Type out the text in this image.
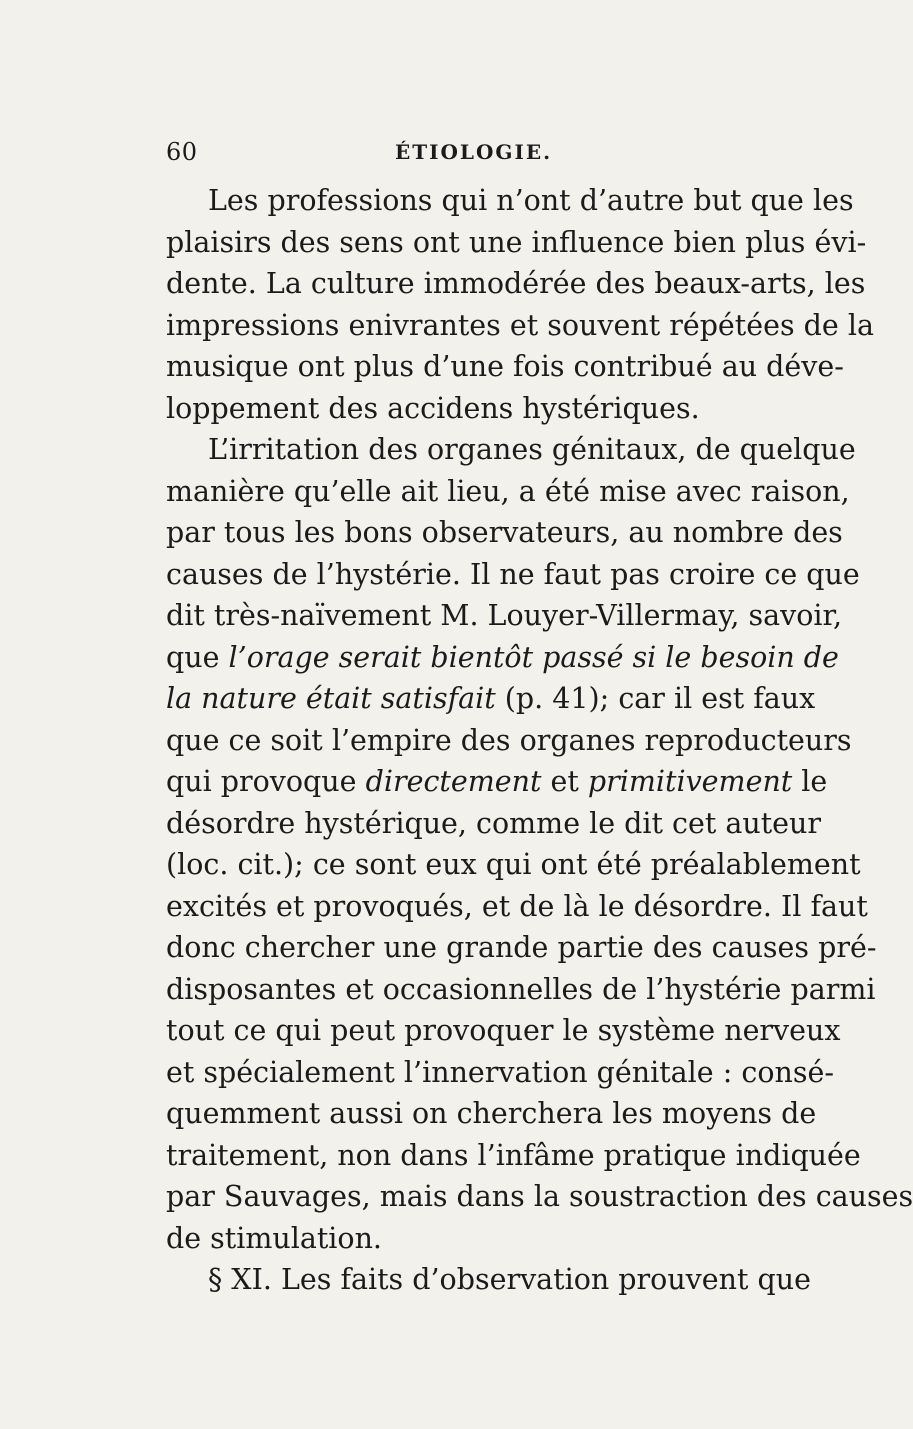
60	ÉTIOLOGIE.
Les professions qui n’ont d’autre but que les
plaisirs des sens ont une influence bien plus évi-
dente. La culture immodérée des beaux-arts, les
impressions enivrantes et souvent répétées de la
musique ont plus d’une fois contribué au déve-
loppement des accidens hystériques.
L’irritation des organes génitaux, de quelque
manière qu’elle ait lieu, a été mise avec raison,
par tous les bons observateurs, au nombre des
causes de l’hystérie. Il ne faut pas croire ce que
dit très-naïvement M. Louyer-Villermay, savoir,
que l’orage serait bientôt passé si le besoin de
la nature était satisfait (p. 41); car il est faux
que ce soit l’empire des organes reproducteurs
qui provoque directement et primitivement le
désordre hystérique, comme le dit cet auteur
(loc. cit.); ce sont eux qui ont été préalablement
excités et provoqués, et de là le désordre. Il faut
donc chercher une grande partie des causes pré-
disposantes et occasionnelles de l’hystérie parmi
tout ce qui peut provoquer le système nerveux
et spécialement l’innervation génitale : consé-
quemment aussi on cherchera les moyens de
traitement, non dans l’infâme pratique indiquée
par Sauvages, mais dans la soustraction des causes
de stimulation.
§ XI. Les faits d’observation prouvent que
